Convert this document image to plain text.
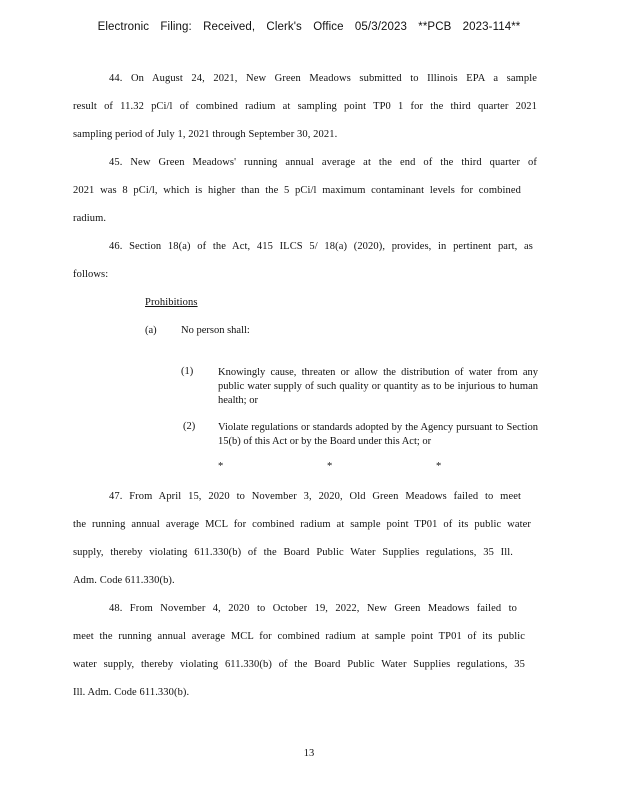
Electronic Filing: Received, Clerk's Office 05/3/2023 **PCB 2023-114**
44. On August 24, 2021, New Green Meadows submitted to Illinois EPA a sample
result of 11.32 pCi/l of combined radium at sampling point TP0 1 for the third quarter 2021
sampling period of July 1, 2021 through September 30, 2021.
45. New Green Meadows' running annual average at the end of the third quarter of
2021 was 8 pCi/l, which is higher than the 5 pCi/l maximum contaminant levels for combined
radium.
46. Section 18(a) of the Act, 415 ILCS 5/ 18(a) (2020), provides, in pertinent part, as
follows:
Prohibitions
(a) No person shall:
(1) Knowingly cause, threaten or allow the distribution of water from any public water supply of such quality or quantity as to be injurious to human health; or
(2) Violate regulations or standards adopted by the Agency pursuant to Section 15(b) of this Act or by the Board under this Act; or
*	*	*
47. From April 15, 2020 to November 3, 2020, Old Green Meadows failed to meet
the running annual average MCL for combined radium at sample point TP01 of its public water
supply, thereby violating 611.330(b) of the Board Public Water Supplies regulations, 35 Ill.
Adm. Code 611.330(b).
48. From November 4, 2020 to October 19, 2022, New Green Meadows failed to
meet the running annual average MCL for combined radium at sample point TP01 of its public
water supply, thereby violating 611.330(b) of the Board Public Water Supplies regulations, 35
Ill. Adm. Code 611.330(b).
13
